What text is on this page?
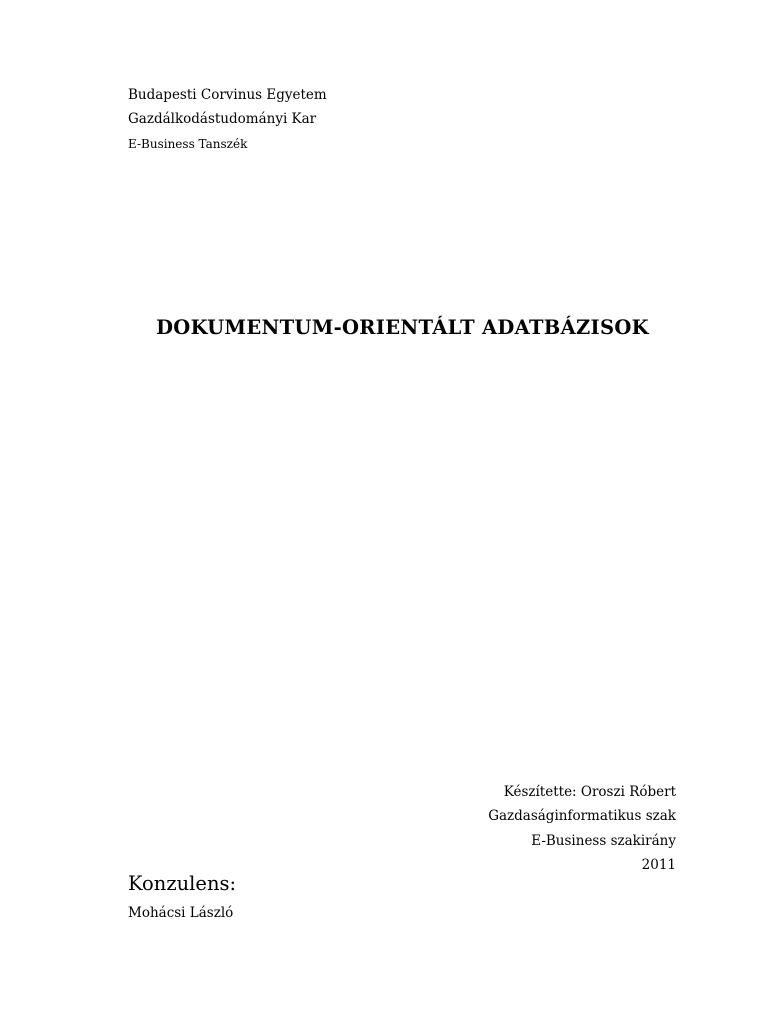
Budapesti Corvinus Egyetem
Gazdálkodástudományi Kar
E-Business Tanszék
DOKUMENTUM-ORIENTÁLT ADATBÁZISOK
Készítette: Oroszi Róbert
Gazdaságinformatikus szak
E-Business szakirány
2011
Konzulens:
Mohácsi László
